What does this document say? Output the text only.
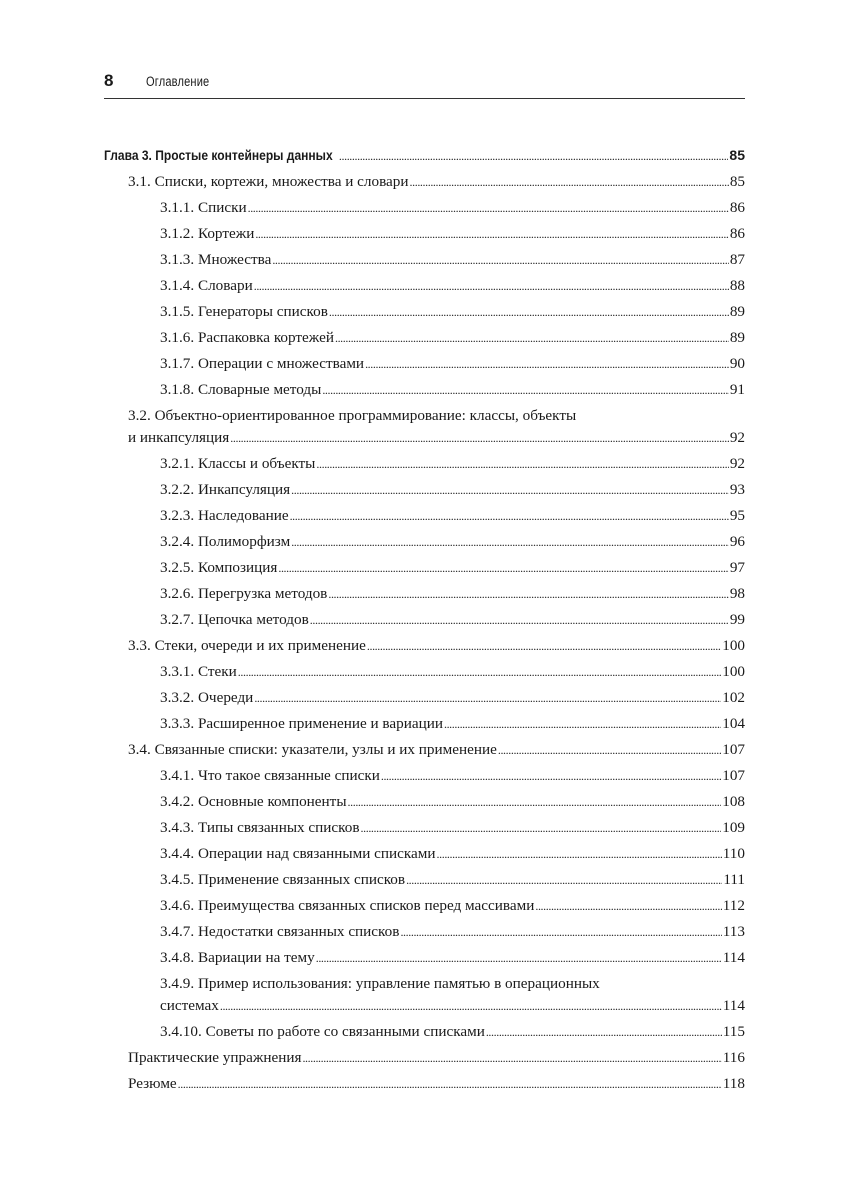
8 Оглавление
Глава 3. Простые контейнеры данных .....	85
3.1. Списки, кортежи, множества и словари .....	85
3.1.1. Списки .....	86
3.1.2. Кортежи .....	86
3.1.3. Множества .....	87
3.1.4. Словари .....	88
3.1.5. Генераторы списков .....	89
3.1.6. Распаковка кортежей .....	89
3.1.7. Операции с множествами .....	90
3.1.8. Словарные методы .....	91
3.2. Объектно-ориентированное программирование: классы, объекты
и инкапсуляция .....	92
3.2.1. Классы и объекты .....	92
3.2.2. Инкапсуляция .....	93
3.2.3. Наследование .....	95
3.2.4. Полиморфизм .....	96
3.2.5. Композиция .....	97
3.2.6. Перегрузка методов .....	98
3.2.7. Цепочка методов .....	99
3.3. Стеки, очереди и их применение .....	100
3.3.1. Стеки .....	100
3.3.2. Очереди .....	102
3.3.3. Расширенное применение и вариации .....	104
3.4. Связанные списки: указатели, узлы и их применение .....	107
3.4.1. Что такое связанные списки .....	107
3.4.2. Основные компоненты .....	108
3.4.3. Типы связанных списков .....	109
3.4.4. Операции над связанными списками .....	110
3.4.5. Применение связанных списков .....	111
3.4.6. Преимущества связанных списков перед массивами .....	112
3.4.7. Недостатки связанных списков .....	113
3.4.8. Вариации на тему .....	114
3.4.9. Пример использования: управление памятью в операционных
системах .....	114
3.4.10. Советы по работе со связанными списками .....	115
Практические упражнения .....	116
Резюме .....	118
